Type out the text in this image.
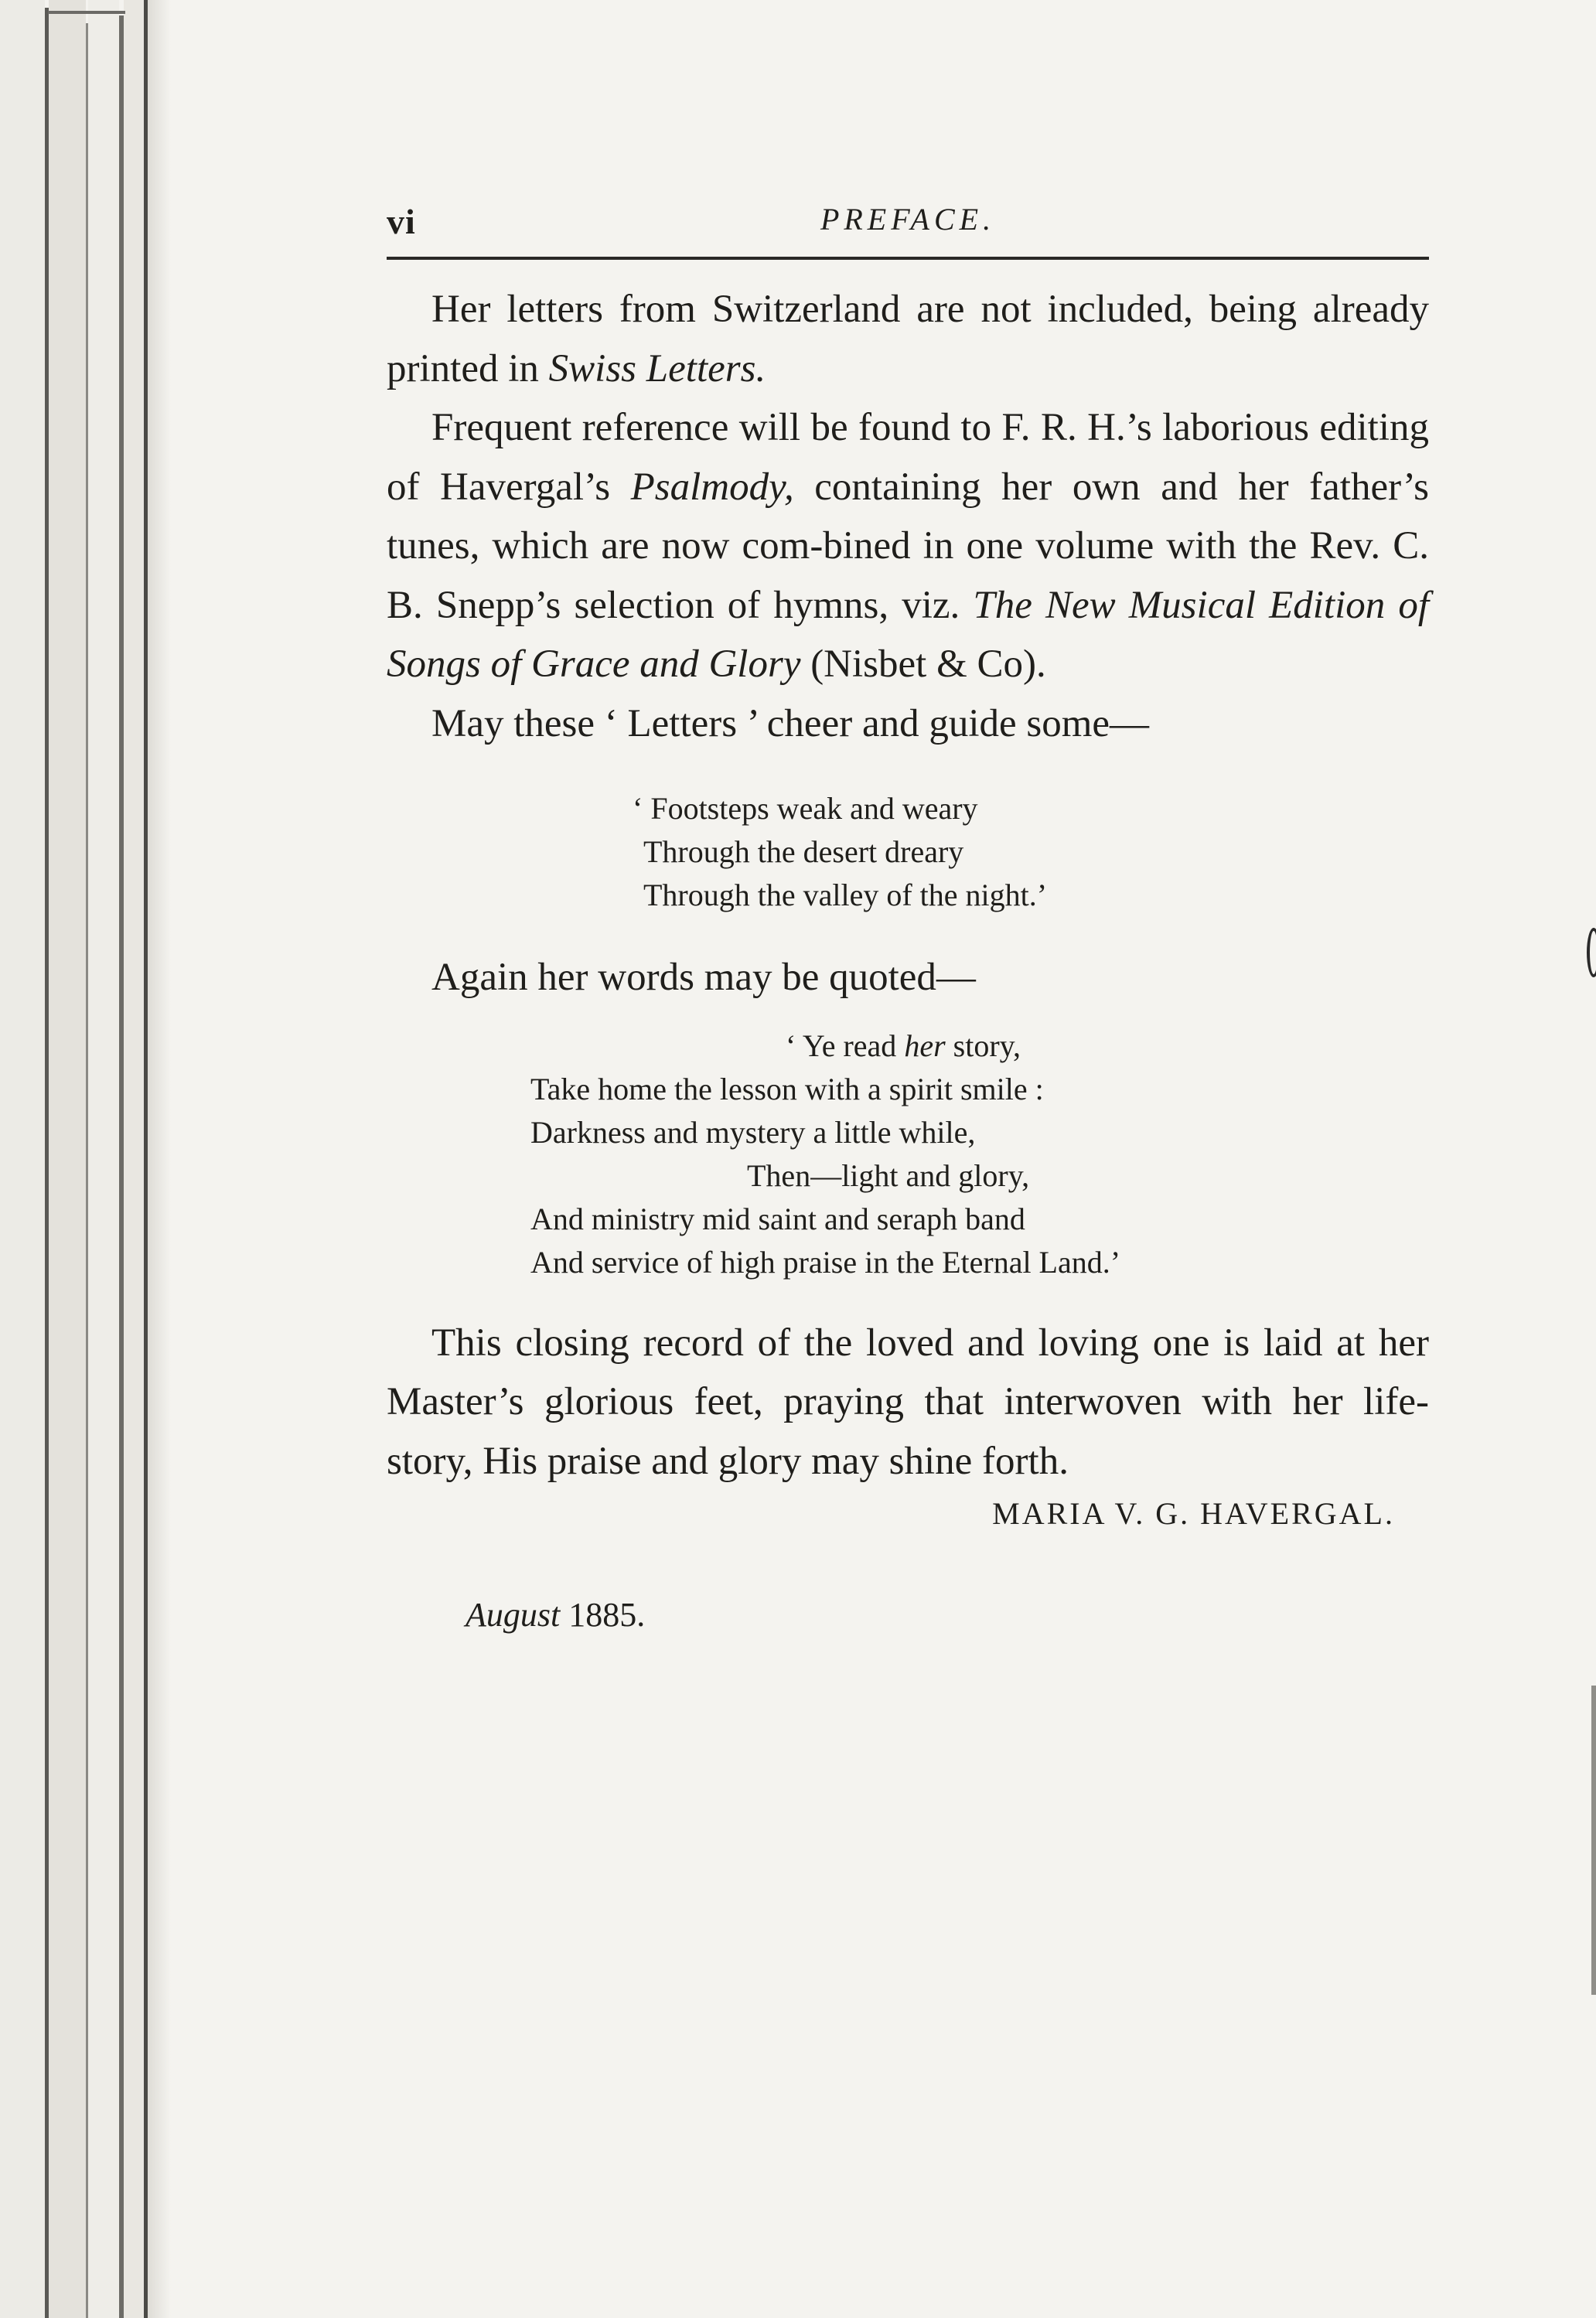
vi	PREFACE.

Her letters from Switzerland are not included, being already printed in Swiss Letters.

Frequent reference will be found to F. R. H.’s laborious editing of Havergal’s Psalmody, containing her own and her father’s tunes, which are now com-bined in one volume with the Rev. C. B. Snepp’s selection of hymns, viz. The New Musical Edition of Songs of Grace and Glory (Nisbet & Co).

May these ‘ Letters ’ cheer and guide some—

‘ Footsteps weak and weary
Through the desert dreary
Through the valley of the night.’

Again her words may be quoted—

‘ Ye read her story,
Take home the lesson with a spirit smile :
Darkness and mystery a little while,
Then—light and glory,
And ministry mid saint and seraph band
And service of high praise in the Eternal Land.’

This closing record of the loved and loving one is laid at her Master’s glorious feet, praying that interwoven with her life-story, His praise and glory may shine forth.

MARIA V. G. HAVERGAL.
August 1885.
